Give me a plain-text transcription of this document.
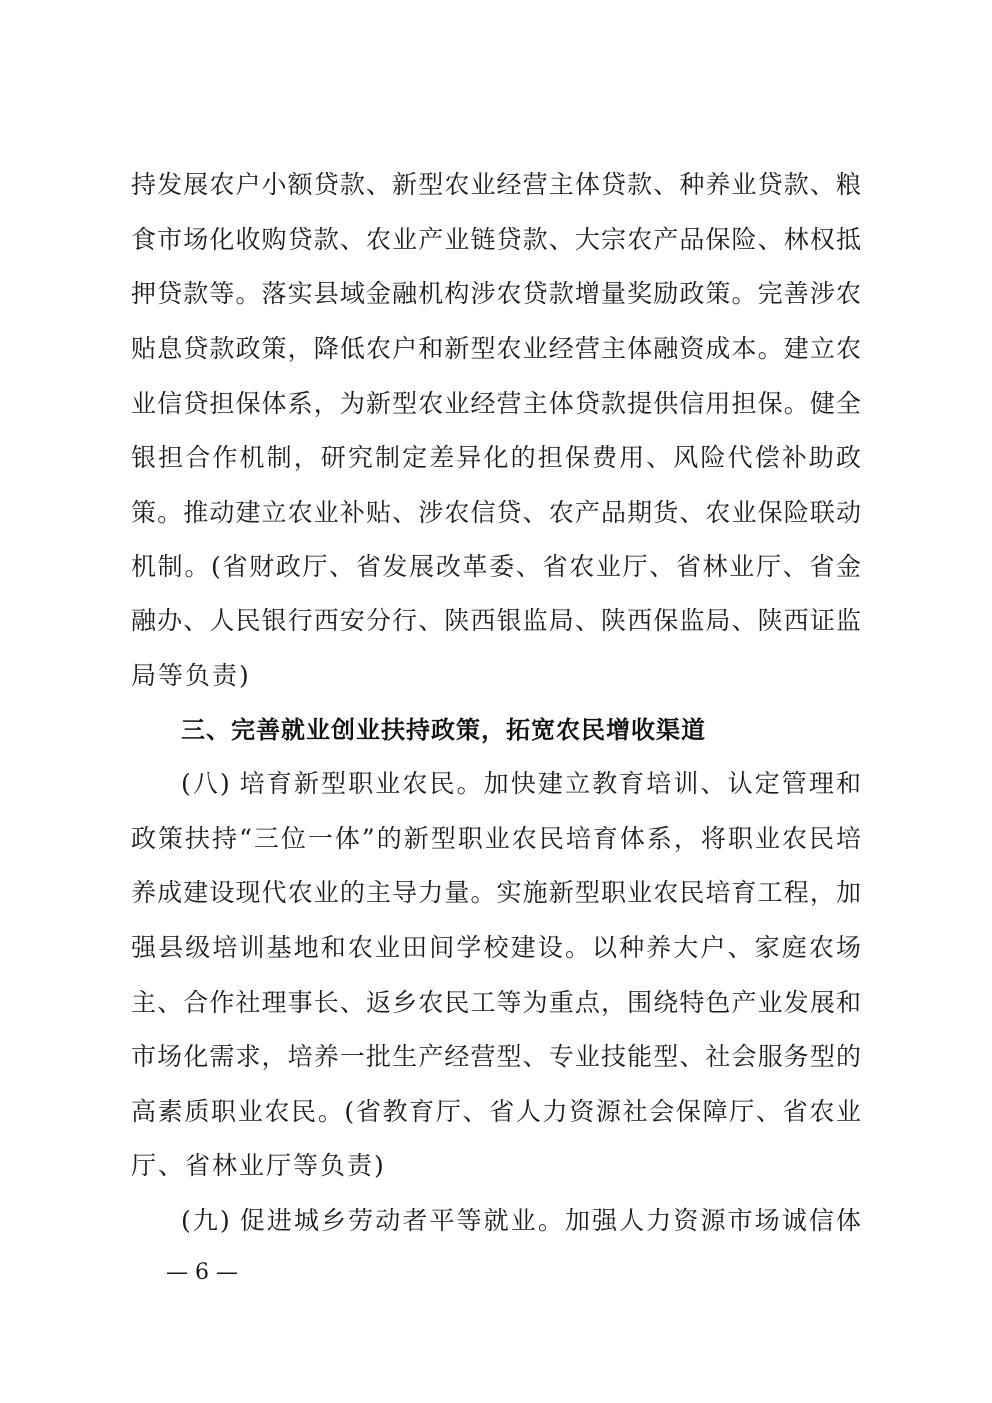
持发展农户小额贷款、新型农业经营主体贷款、种养业贷款、粮
食市场化收购贷款、农业产业链贷款、大宗农产品保险、林权抵
押贷款等。落实县域金融机构涉农贷款增量奖励政策。完善涉农
贴息贷款政策，降低农户和新型农业经营主体融资成本。建立农
业信贷担保体系，为新型农业经营主体贷款提供信用担保。健全
银担合作机制，研究制定差异化的担保费用、风险代偿补助政
策。推动建立农业补贴、涉农信贷、农产品期货、农业保险联动
机制。(省财政厅、省发展改革委、省农业厅、省林业厅、省金
融办、人民银行西安分行、陕西银监局、陕西保监局、陕西证监
局等负责)
三、完善就业创业扶持政策，拓宽农民增收渠道
(八) 培育新型职业农民。加快建立教育培训、认定管理和
政策扶持“三位一体”的新型职业农民培育体系，将职业农民培
养成建设现代农业的主导力量。实施新型职业农民培育工程，加
强县级培训基地和农业田间学校建设。以种养大户、家庭农场
主、合作社理事长、返乡农民工等为重点，围绕特色产业发展和
市场化需求，培养一批生产经营型、专业技能型、社会服务型的
高素质职业农民。(省教育厅、省人力资源社会保障厅、省农业
厅、省林业厅等负责)
(九) 促进城乡劳动者平等就业。加强人力资源市场诚信体
— 6 —
